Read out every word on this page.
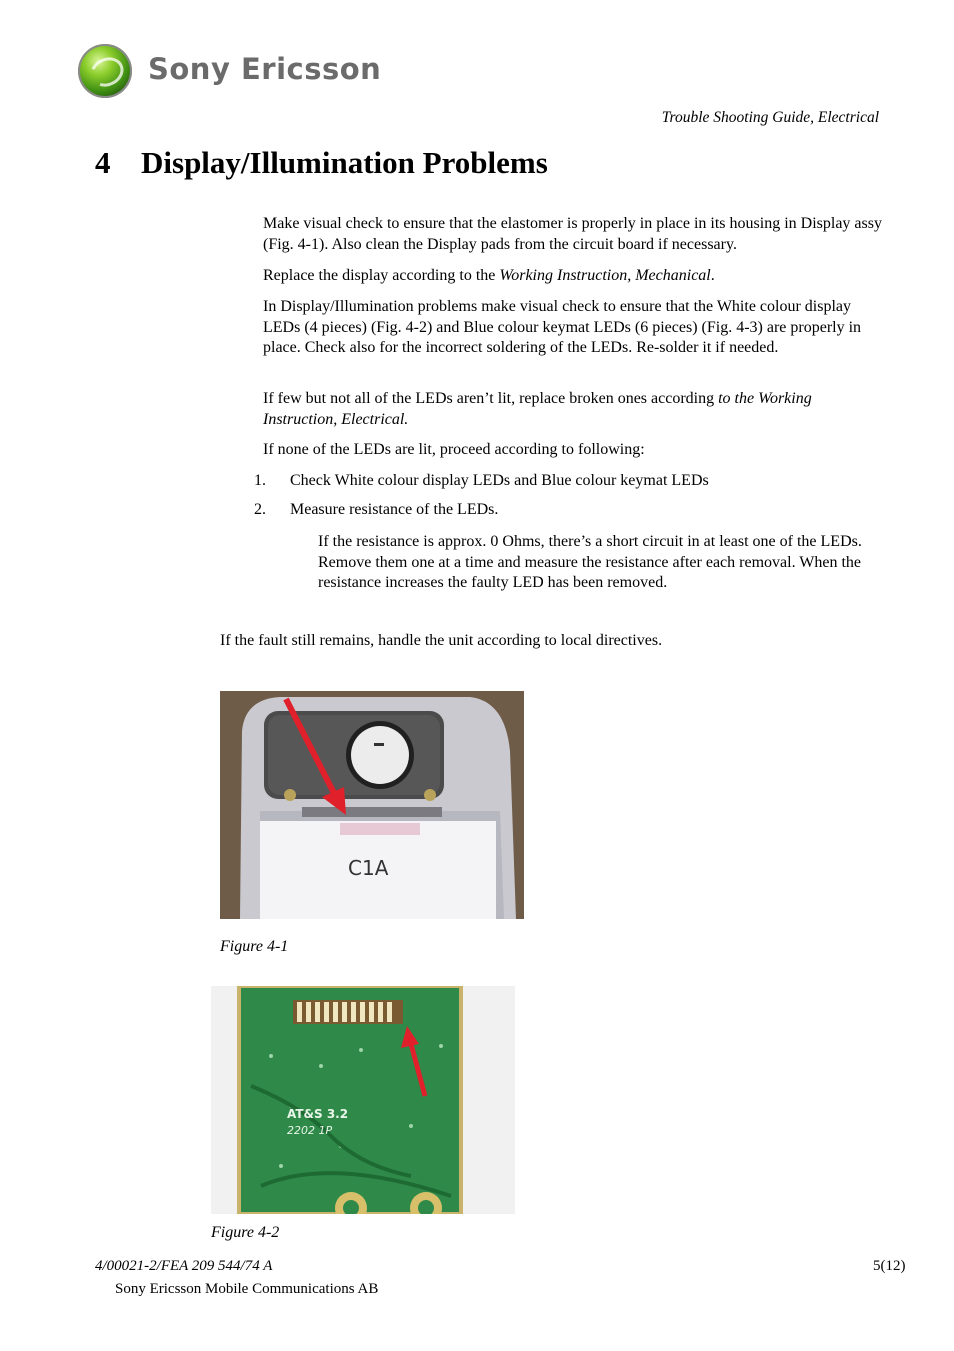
Sony Ericsson
Trouble Shooting Guide, Electrical
4 Display/Illumination Problems
Make visual check to ensure that the elastomer is properly in place in its housing in Display assy (Fig. 4-1). Also clean the Display pads from the circuit board if necessary.
Replace the display according to the Working Instruction, Mechanical.
In Display/Illumination problems make visual check to ensure that the White colour display LEDs (4 pieces) (Fig. 4-2) and Blue colour keymat LEDs (6 pieces) (Fig. 4-3) are properly in place. Check also for the incorrect soldering of the LEDs. Re-solder it if needed.
If few but not all of the LEDs aren’t lit, replace broken ones according to the Working Instruction, Electrical.
If none of the LEDs are lit, proceed according to following:
1. Check White colour display LEDs and Blue colour keymat LEDs
2. Measure resistance of the LEDs.
If the resistance is approx. 0 Ohms, there’s a short circuit in at least one of the LEDs. Remove them one at a time and measure the resistance after each removal. When the resistance increases the faulty LED has been removed.
If the fault still remains, handle the unit according to local directives.
C1A
Figure 4-1
AT&S 3.2
2202 1P
Figure 4-2
4/00021-2/FEA 209 544/74 A	5(12)
Sony Ericsson Mobile Communications AB
